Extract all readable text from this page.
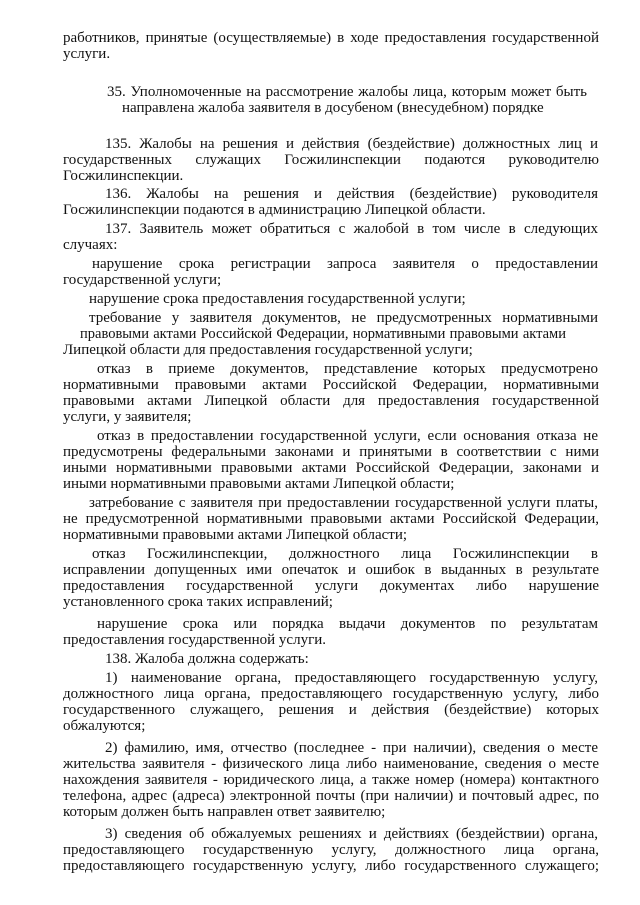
работников, принятые (осуществляемые) в ходе предоставления государственной

услуги.

35. Уполномоченные на рассмотрение жалобы лица, которым может быть

направлена жалоба заявителя в досубеном (внесудебном) порядке

135. Жалобы на решения и действия (бездействие) должностных лиц и

государственных служащих Госжилинспекции подаются руководителю

Госжилинспекции.

136. Жалобы на решения и действия (бездействие) руководителя

Госжилинспекции подаются в администрацию Липецкой области.

137. Заявитель может обратиться с жалобой в том числе в следующих

случаях:

нарушение срока регистрации запроса заявителя о предоставлении

государственной услуги;

нарушение срока предоставления государственной услуги;

требование у заявителя документов, не предусмотренных нормативными

правовыми актами Российской Федерации, нормативными правовыми актами

Липецкой области для предоставления государственной услуги;

отказ в приеме документов, представление которых предусмотрено

нормативными правовыми актами Российской Федерации, нормативными

правовыми актами Липецкой области для предоставления государственной

услуги, у заявителя;

отказ в предоставлении государственной услуги, если основания отказа не

предусмотрены федеральными законами и принятыми в соответствии с ними

иными нормативными правовыми актами Российской Федерации, законами и

иными нормативными правовыми актами Липецкой области;

затребование с заявителя при предоставлении государственной услуги платы,

не предусмотренной нормативными правовыми актами Российской Федерации,

нормативными правовыми актами Липецкой области;

отказ Госжилинспекции, должностного лица Госжилинспекции в

исправлении допущенных ими опечаток и ошибок в выданных в результате

предоставления государственной услуги документах либо нарушение

установленного срока таких исправлений;

нарушение срока или порядка выдачи документов по результатам

предоставления государственной услуги.

138. Жалоба должна содержать:

1) наименование органа, предоставляющего государственную услугу,

должностного лица органа, предоставляющего государственную услугу, либо

государственного служащего, решения и действия (бездействие) которых

обжалуются;

2) фамилию, имя, отчество (последнее - при наличии), сведения о месте

жительства заявителя - физического лица либо наименование, сведения о месте

нахождения заявителя - юридического лица, а также номер (номера) контактного

телефона, адрес (адреса) электронной почты (при наличии) и почтовый адрес, по

которым должен быть направлен ответ заявителю;

3) сведения об обжалуемых решениях и действиях (бездействии) органа,

предоставляющего государственную услугу, должностного лица органа,

предоставляющего государственную услугу, либо государственного служащего;
